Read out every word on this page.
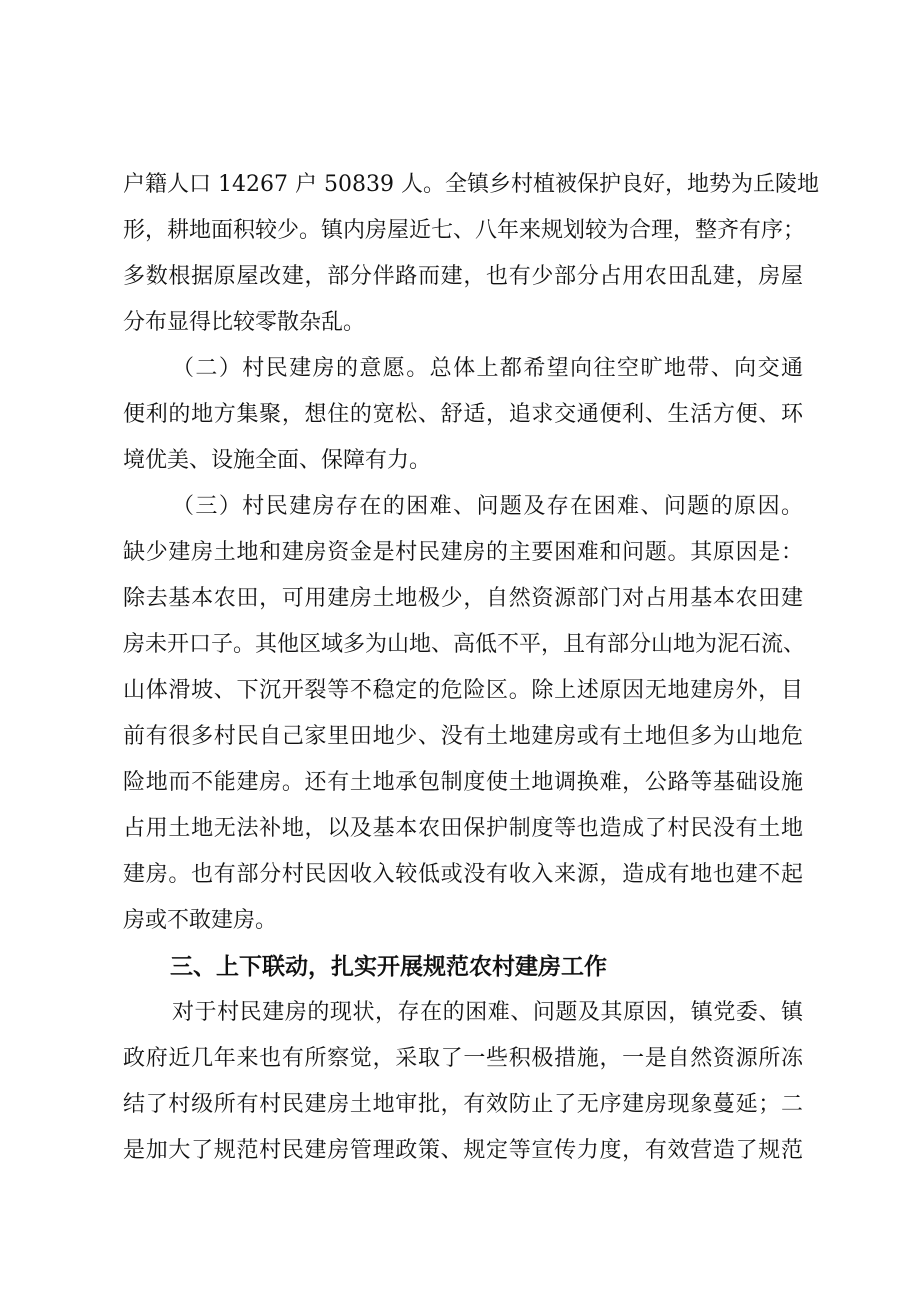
户籍人口 14267 户 50839 人。全镇乡村植被保护良好，地势为丘陵地
形，耕地面积较少。镇内房屋近七、八年来规划较为合理，整齐有序；
多数根据原屋改建，部分伴路而建，也有少部分占用农田乱建，房屋
分布显得比较零散杂乱。
（二）村民建房的意愿。总体上都希望向往空旷地带、向交通
便利的地方集聚，想住的宽松、舒适，追求交通便利、生活方便、环
境优美、设施全面、保障有力。
（三）村民建房存在的困难、问题及存在困难、问题的原因。
缺少建房土地和建房资金是村民建房的主要困难和问题。其原因是：
除去基本农田，可用建房土地极少，自然资源部门对占用基本农田建
房未开口子。其他区域多为山地、高低不平，且有部分山地为泥石流、
山体滑坡、下沉开裂等不稳定的危险区。除上述原因无地建房外，目
前有很多村民自己家里田地少、没有土地建房或有土地但多为山地危
险地而不能建房。还有土地承包制度使土地调换难，公路等基础设施
占用土地无法补地，以及基本农田保护制度等也造成了村民没有土地
建房。也有部分村民因收入较低或没有收入来源，造成有地也建不起
房或不敢建房。
三、上下联动，扎实开展规范农村建房工作
对于村民建房的现状，存在的困难、问题及其原因，镇党委、镇
政府近几年来也有所察觉，采取了一些积极措施，一是自然资源所冻
结了村级所有村民建房土地审批，有效防止了无序建房现象蔓延；二
是加大了规范村民建房管理政策、规定等宣传力度，有效营造了规范
